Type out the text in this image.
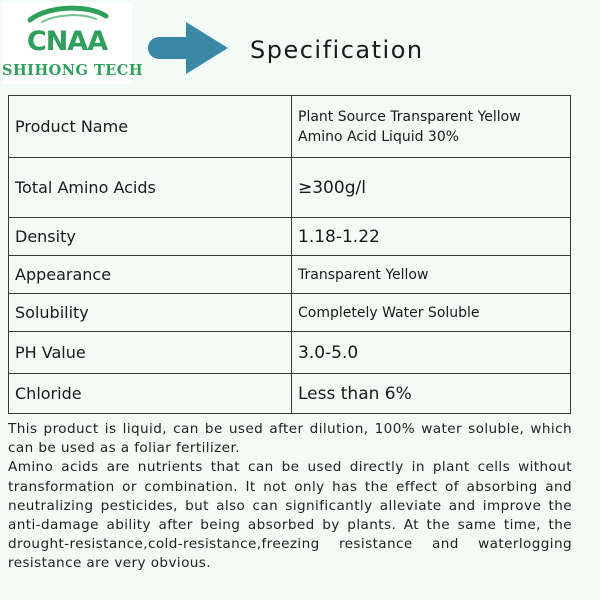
CNAA
SHIHONG TECH
Specification
Product Name	Plant Source Transparent Yellow Amino Acid Liquid 30%
Total Amino Acids	≥300g/l
Density	1.18-1.22
Appearance	Transparent Yellow
Solubility	Completely Water Soluble
PH Value	3.0-5.0
Chloride	Less than 6%

This product is liquid, can be used after dilution, 100% water soluble, which can be used as a foliar fertilizer.

Amino acids are nutrients that can be used directly in plant cells without transformation or combination. It not only has the effect of absorbing and neutralizing pesticides, but also can significantly alleviate and improve the anti-damage ability after being absorbed by plants. At the same time, the drought-resistance,cold-resistance,freezing resistance and waterlogging resistance are very obvious.
